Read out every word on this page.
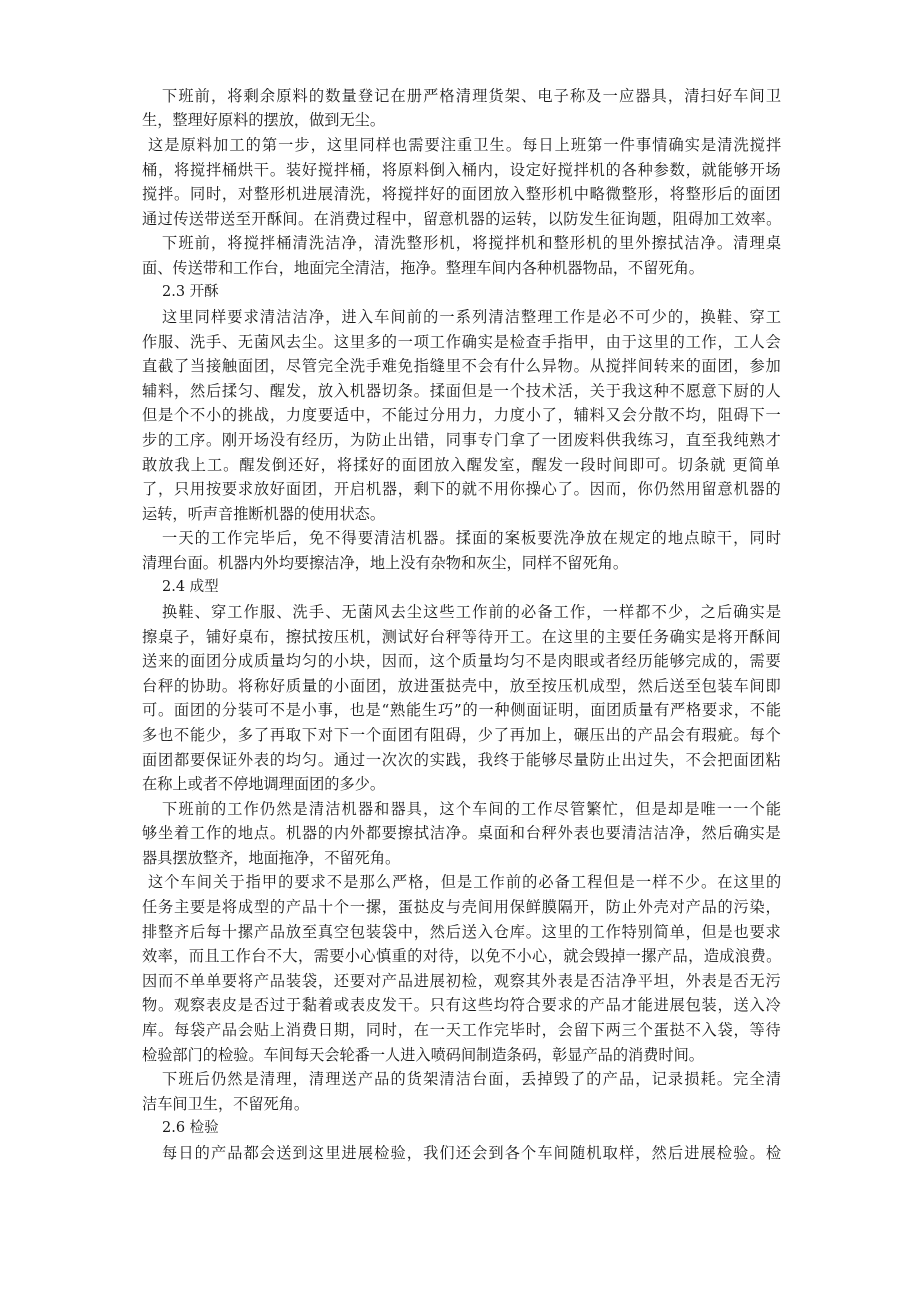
下班前，将剩余原料的数量登记在册严格清理货架、电子称及一应器具，清扫好车间卫
生，整理好原料的摆放，做到无尘。
这是原料加工的第一步，这里同样也需要注重卫生。每日上班第一件事情确实是清洗搅拌
桶，将搅拌桶烘干。装好搅拌桶，将原料倒入桶内，设定好搅拌机的各种参数，就能够开场
搅拌。同时，对整形机进展清洗，将搅拌好的面团放入整形机中略微整形，将整形后的面团
通过传送带送至开酥间。在消费过程中，留意机器的运转，以防发生征询题，阻碍加工效率。
下班前，将搅拌桶清洗洁净，清洗整形机，将搅拌机和整形机的里外擦拭洁净。清理桌
面、传送带和工作台，地面完全清洁，拖净。整理车间内各种机器物品，不留死角。
2.3 开酥
这里同样要求清洁洁净，进入车间前的一系列清洁整理工作是必不可少的，换鞋、穿工
作服、洗手、无菌风去尘。这里多的一项工作确实是检查手指甲，由于这里的工作，工人会
直截了当接触面团，尽管完全洗手难免指缝里不会有什么异物。从搅拌间转来的面团，参加
辅料，然后揉匀、醒发，放入机器切条。揉面但是一个技术活，关于我这种不愿意下厨的人
但是个不小的挑战，力度要适中，不能过分用力，力度小了，辅料又会分散不均，阻碍下一
步的工序。刚开场没有经历，为防止出错，同事专门拿了一团废料供我练习，直至我纯熟才
敢放我上工。醒发倒还好，将揉好的面团放入醒发室，醒发一段时间即可。切条就 更简单
了，只用按要求放好面团，开启机器，剩下的就不用你操心了。因而，你仍然用留意机器的
运转，听声音推断机器的使用状态。
一天的工作完毕后，免不得要清洁机器。揉面的案板要洗净放在规定的地点晾干，同时
清理台面。机器内外均要擦洁净，地上没有杂物和灰尘，同样不留死角。
2.4 成型
换鞋、穿工作服、洗手、无菌风去尘这些工作前的必备工作，一样都不少，之后确实是
擦桌子，铺好桌布，擦拭按压机，测试好台秤等待开工。在这里的主要任务确实是将开酥间
送来的面团分成质量均匀的小块，因而，这个质量均匀不是肉眼或者经历能够完成的，需要
台秤的协助。将称好质量的小面团，放进蛋挞壳中，放至按压机成型，然后送至包装车间即
可。面团的分装可不是小事，也是“熟能生巧”的一种侧面证明，面团质量有严格要求，不能
多也不能少，多了再取下对下一个面团有阻碍，少了再加上，碾压出的产品会有瑕疵。每个
面团都要保证外表的均匀。通过一次次的实践，我终于能够尽量防止出过失，不会把面团粘
在称上或者不停地调理面团的多少。
下班前的工作仍然是清洁机器和器具，这个车间的工作尽管繁忙，但是却是唯一一个能
够坐着工作的地点。机器的内外都要擦拭洁净。桌面和台秤外表也要清洁洁净，然后确实是
器具摆放整齐，地面拖净，不留死角。
这个车间关于指甲的要求不是那么严格，但是工作前的必备工程但是一样不少。在这里的
任务主要是将成型的产品十个一摞，蛋挞皮与壳间用保鲜膜隔开，防止外壳对产品的污染，
排整齐后每十摞产品放至真空包装袋中，然后送入仓库。这里的工作特别简单，但是也要求
效率，而且工作台不大，需要小心慎重的对待，以免不小心，就会毁掉一摞产品，造成浪费。
因而不单单要将产品装袋，还要对产品进展初检，观察其外表是否洁净平坦，外表是否无污
物。观察表皮是否过于黏着或表皮发干。只有这些均符合要求的产品才能进展包装，送入冷
库。每袋产品会贴上消费日期，同时，在一天工作完毕时，会留下两三个蛋挞不入袋，等待
检验部门的检验。车间每天会轮番一人进入喷码间制造条码，彰显产品的消费时间。
下班后仍然是清理，清理送产品的货架清洁台面，丢掉毁了的产品，记录损耗。完全清
洁车间卫生，不留死角。
2.6 检验
每日的产品都会送到这里进展检验，我们还会到各个车间随机取样，然后进展检验。检
